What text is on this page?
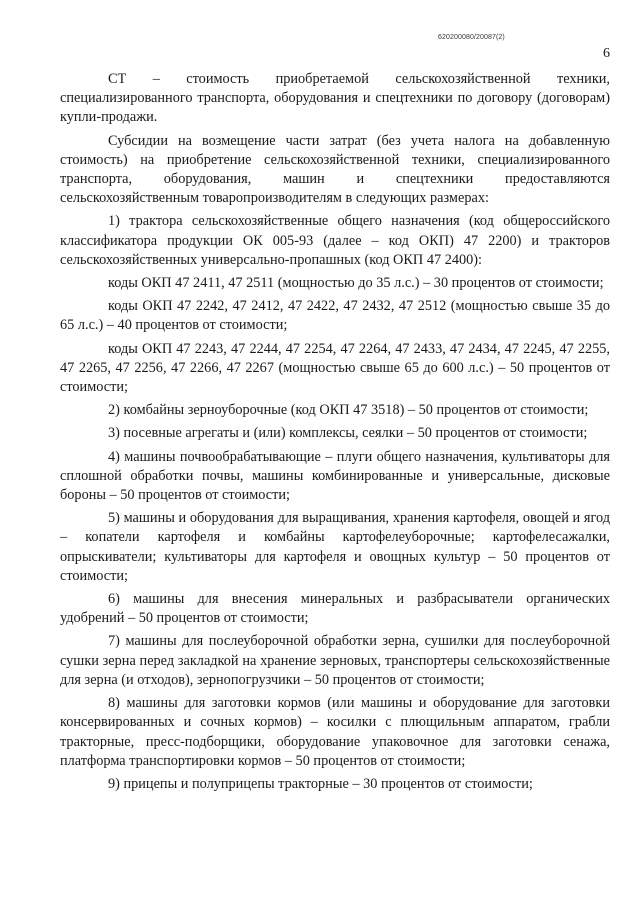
620200080/20087(2)
6

СТ – стоимость приобретаемой сельскохозяйственной техники, специализированного транспорта, оборудования и спецтехники по договору (договорам) купли-продажи.

Субсидии на возмещение части затрат (без учета налога на добавленную стоимость) на приобретение сельскохозяйственной техники, специализированного транспорта, оборудования, машин и спецтехники предоставляются сельскохозяйственным товаропроизводителям в следующих размерах:

1) трактора сельскохозяйственные общего назначения (код общероссийского классификатора продукции ОК 005-93 (далее – код ОКП) 47 2200) и тракторов сельскохозяйственных универсально-пропашных (код ОКП 47 2400):

коды ОКП 47 2411, 47 2511 (мощностью до 35 л.с.) – 30 процентов от стоимости;

коды ОКП 47 2242, 47 2412, 47 2422, 47 2432, 47 2512 (мощностью свыше 35 до 65 л.с.) – 40 процентов от стоимости;

коды ОКП 47 2243, 47 2244, 47 2254, 47 2264, 47 2433, 47 2434, 47 2245, 47 2255, 47 2265, 47 2256, 47 2266, 47 2267 (мощностью свыше 65 до 600 л.с.) – 50 процентов от стоимости;

2) комбайны зерноуборочные (код ОКП 47 3518) – 50 процентов от стоимости;

3) посевные агрегаты и (или) комплексы, сеялки – 50 процентов от стоимости;

4) машины почвообрабатывающие – плуги общего назначения, культиваторы для сплошной обработки почвы, машины комбинированные и универсальные, дисковые бороны – 50 процентов от стоимости;

5) машины и оборудования для выращивания, хранения картофеля, овощей и ягод – копатели картофеля и комбайны картофелеуборочные; картофелесажалки, опрыскиватели; культиваторы для картофеля и овощных культур – 50 процентов от стоимости;

6) машины для внесения минеральных и разбрасыватели органических удобрений – 50 процентов от стоимости;

7) машины для послеуборочной обработки зерна, сушилки для послеуборочной сушки зерна перед закладкой на хранение зерновых, транспортеры сельскохозяйственные для зерна (и отходов), зернопогрузчики – 50 процентов от стоимости;

8) машины для заготовки кормов (или машины и оборудование для заготовки консервированных и сочных кормов) – косилки с плющильным аппаратом, грабли тракторные, пресс-подборщики, оборудование упаковочное для заготовки сенажа, платформа транспортировки кормов – 50 процентов от стоимости;

9) прицепы и полуприцепы тракторные – 30 процентов от стоимости;
